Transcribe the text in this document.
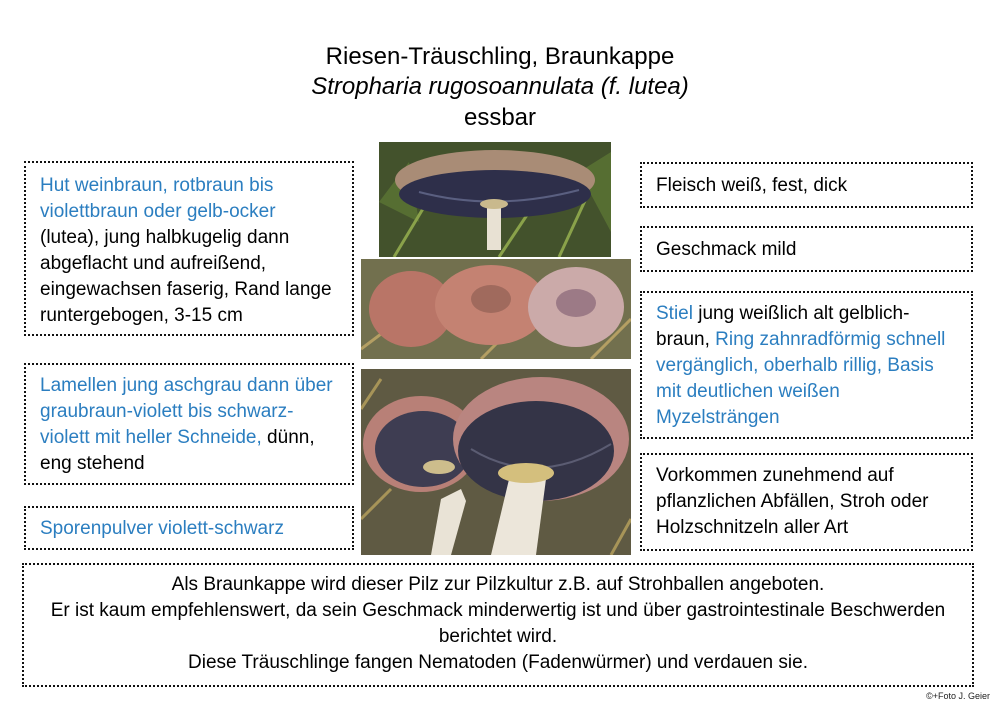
Riesen-Träuschling, Braunkappe
Stropharia rugosoannulata (f. lutea)
essbar
Hut weinbraun, rotbraun bis violettbraun oder gelb-ocker (lutea), jung halbkugelig dann abgeflacht und aufreißend, eingewachsen faserig, Rand lange runtergebogen, 3-15 cm
Lamellen jung aschgrau dann über graubraun-violett bis schwarz-violett mit heller Schneide, dünn, eng stehend
Sporenpulver violett-schwarz
Fleisch weiß, fest, dick
Geschmack mild
Stiel jung weißlich alt gelblich-braun, Ring zahnradförmig schnell vergänglich, oberhalb rillig, Basis mit deutlichen weißen Myzelsträngen
Vorkommen zunehmend auf pflanzlichen Abfällen, Stroh oder Holzschnitzeln aller Art
Als Braunkappe wird dieser Pilz zur Pilzkultur z.B. auf Strohballen angeboten.
Er ist kaum empfehlenswert, da sein Geschmack minderwertig ist und über gastrointestinale Beschwerden berichtet wird.
Diese Träuschlinge fangen Nematoden (Fadenwürmer) und verdauen sie.
©+Foto J. Geier
